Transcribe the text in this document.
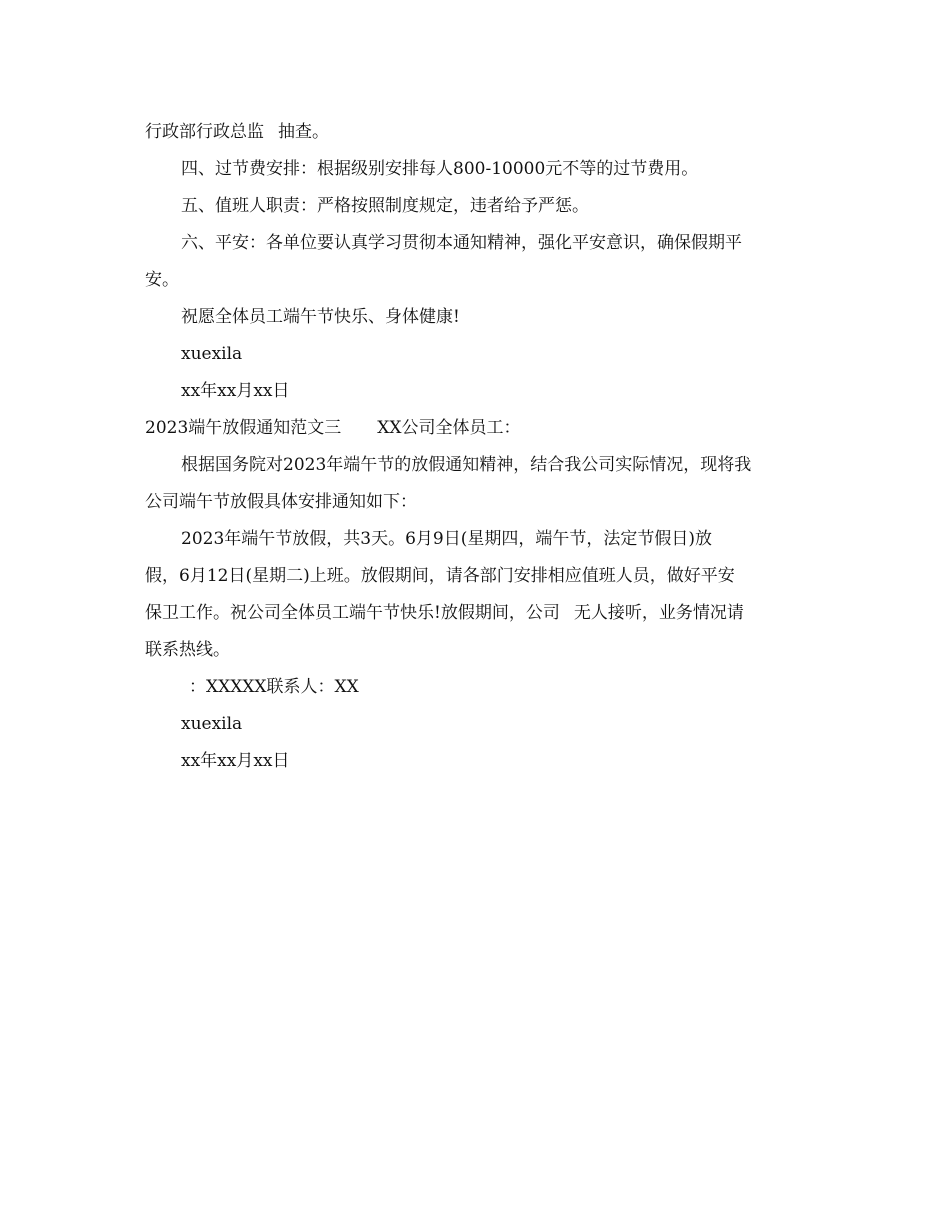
行政部行政总监 抽查。
四、过节费安排：根据级别安排每人800-10000元不等的过节费用。
五、值班人职责：严格按照制度规定，违者给予严惩。
六、平安：各单位要认真学习贯彻本通知精神，强化平安意识，确保假期平
安。
祝愿全体员工端午节快乐、身体健康!
xuexila
xx年xx月xx日
2023端午放假通知范文三 XX公司全体员工：
根据国务院对2023年端午节的放假通知精神，结合我公司实际情况，现将我
公司端午节放假具体安排通知如下：
2023年端午节放假，共3天。6月9日(星期四，端午节，法定节假日)放
假，6月12日(星期二)上班。放假期间，请各部门安排相应值班人员，做好平安
保卫工作。祝公司全体员工端午节快乐!放假期间，公司 无人接听，业务情况请
联系热线。
：XXXXX联系人：XX
xuexila
xx年xx月xx日
